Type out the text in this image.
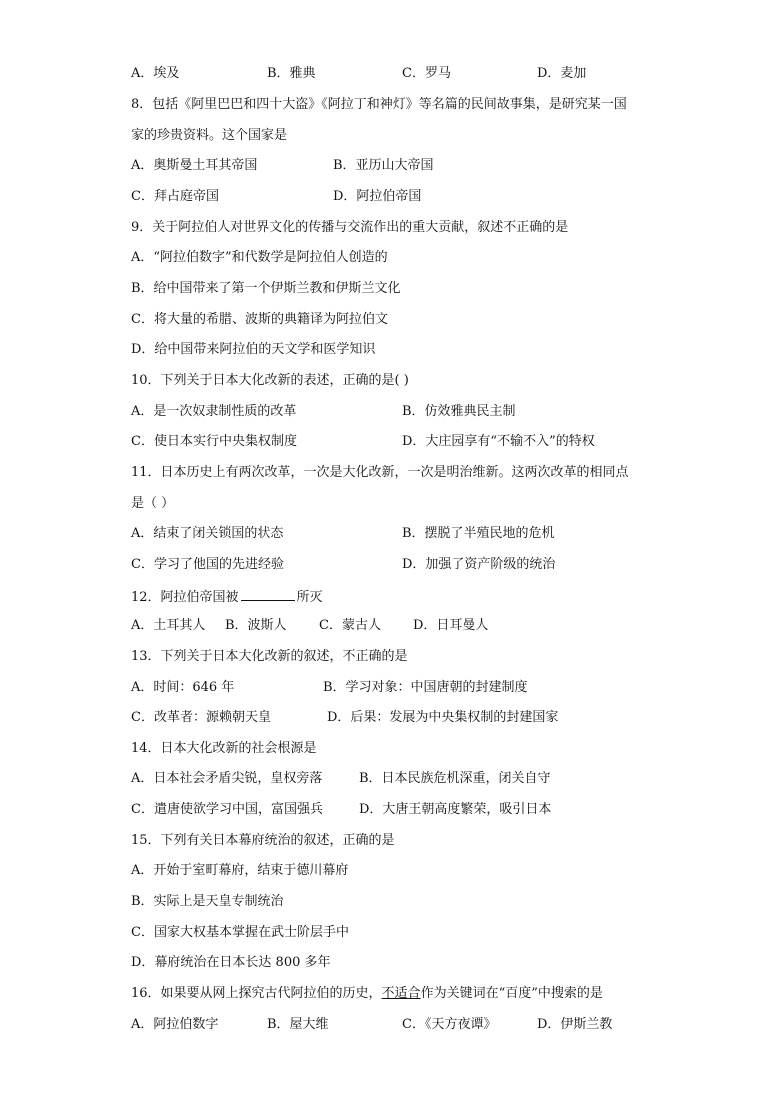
A．埃及	B．雅典	C．罗马	D．麦加
8．包括《阿里巴巴和四十大盗》《阿拉丁和神灯》等名篇的民间故事集，是研究某一国
家的珍贵资料。这个国家是
A．奥斯曼土耳其帝国	B．亚历山大帝国
C．拜占庭帝国	D．阿拉伯帝国
9．关于阿拉伯人对世界文化的传播与交流作出的重大贡献，叙述不正确的是
A．“阿拉伯数字”和代数学是阿拉伯人创造的
B．给中国带来了第一个伊斯兰教和伊斯兰文化
C．将大量的希腊、波斯的典籍译为阿拉伯文
D．给中国带来阿拉伯的天文学和医学知识
10．下列关于日本大化改新的表述，正确的是( )
A．是一次奴隶制性质的改革	B．仿效雅典民主制
C．使日本实行中央集权制度	D．大庄园享有“不输不入”的特权
11．日本历史上有两次改革，一次是大化改新，一次是明治维新。这两次改革的相同点
是（ ）
A．结束了闭关锁国的状态	B．摆脱了半殖民地的危机
C．学习了他国的先进经验	D．加强了资产阶级的统治
12．阿拉伯帝国被	所灭
A．土耳其人 B．波斯人 C．蒙古人 D．日耳曼人
13．下列关于日本大化改新的叙述，不正确的是
A．时间：646 年	B．学习对象：中国唐朝的封建制度
C．改革者：源赖朝天皇	D．后果：发展为中央集权制的封建国家
14．日本大化改新的社会根源是
A．日本社会矛盾尖锐，皇权旁落	B．日本民族危机深重，闭关自守
C．遣唐使欲学习中国，富国强兵	D．大唐王朝高度繁荣，吸引日本
15．下列有关日本幕府统治的叙述，正确的是
A．开始于室町幕府，结束于德川幕府
B．实际上是天皇专制统治
C．国家大权基本掌握在武士阶层手中
D．幕府统治在日本长达 800 多年
16．如果要从网上探究古代阿拉伯的历史，不适合作为关键词在“百度”中搜索的是
A．阿拉伯数字	B．屋大维	C．《天方夜谭》	D．伊斯兰教
